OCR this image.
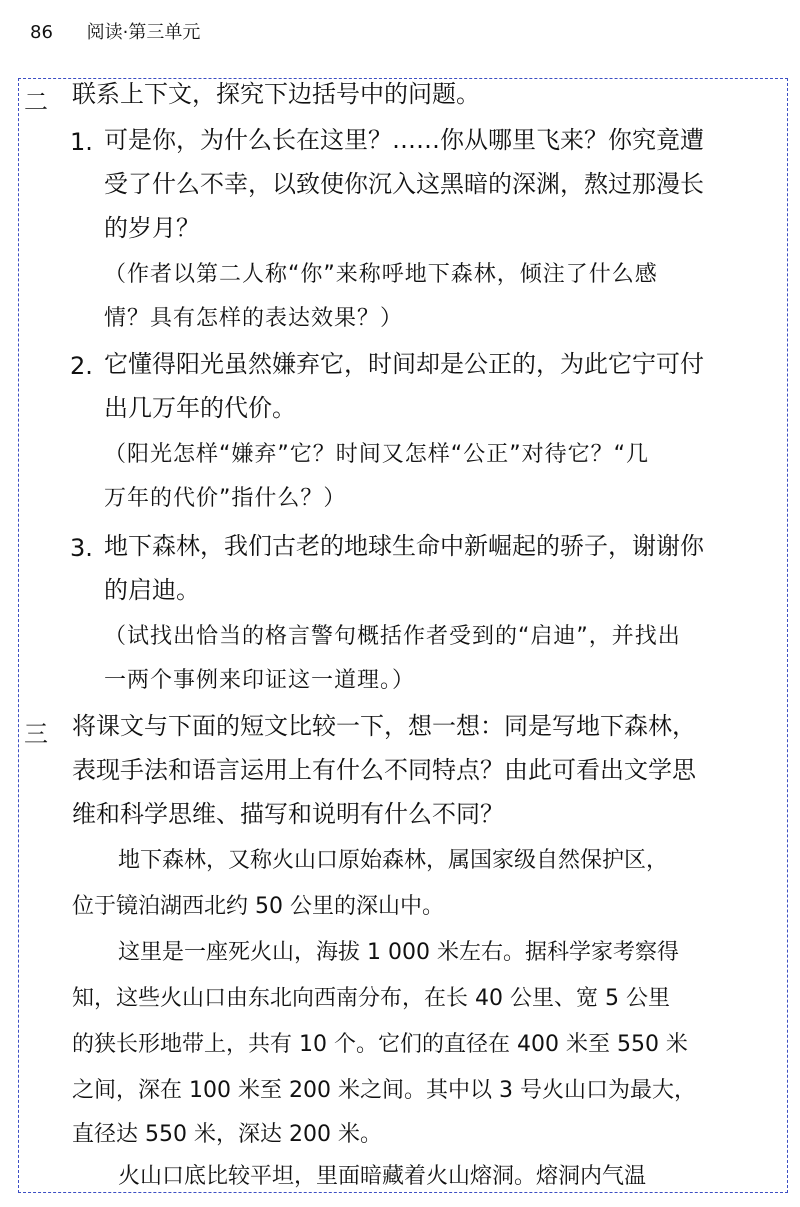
86 阅读·第三单元
二 联系上下文，探究下边括号中的问题。
1. 可是你，为什么长在这里？……你从哪里飞来？你究竟遭
受了什么不幸，以致使你沉入这黑暗的深渊，熬过那漫长
的岁月？
（作者以第二人称“你”来称呼地下森林，倾注了什么感
情？具有怎样的表达效果？）
2. 它懂得阳光虽然嫌弃它，时间却是公正的，为此它宁可付
出几万年的代价。
（阳光怎样“嫌弃”它？时间又怎样“公正”对待它？“几
万年的代价”指什么？）
3. 地下森林，我们古老的地球生命中新崛起的骄子，谢谢你
的启迪。
（试找出恰当的格言警句概括作者受到的“启迪”，并找出
一两个事例来印证这一道理。）
三 将课文与下面的短文比较一下，想一想：同是写地下森林，
表现手法和语言运用上有什么不同特点？由此可看出文学思
维和科学思维、描写和说明有什么不同？
地下森林，又称火山口原始森林，属国家级自然保护区，
位于镜泊湖西北约 50 公里的深山中。
这里是一座死火山，海拔 1 000 米左右。据科学家考察得
知，这些火山口由东北向西南分布，在长 40 公里、宽 5 公里
的狭长形地带上，共有 10 个。它们的直径在 400 米至 550 米
之间，深在 100 米至 200 米之间。其中以 3 号火山口为最大，
直径达 550 米，深达 200 米。
火山口底比较平坦，里面暗藏着火山熔洞。熔洞内气温
